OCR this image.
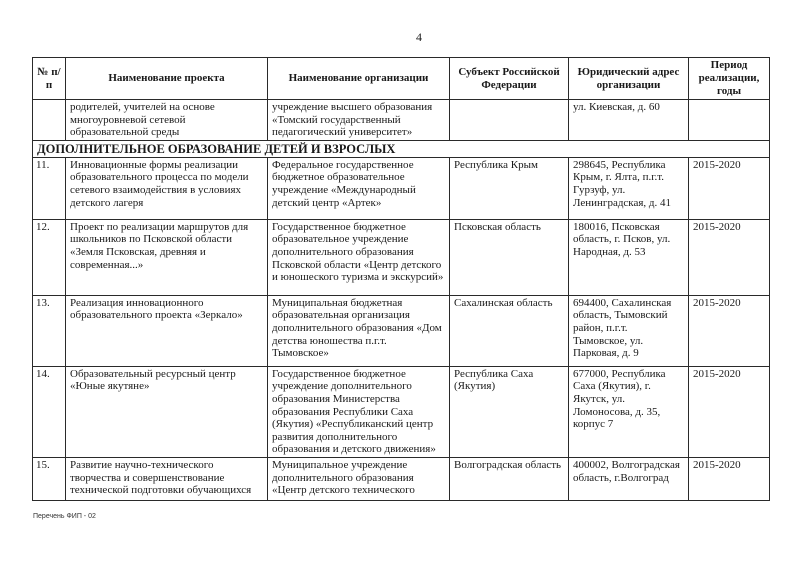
4
№ п/п	Наименование проекта	Наименование организации	Субъект Российской Федерации	Юридический адрес организации	Период реализации, годы
	родителей, учителей на основе многоуровневой сетевой образовательной среды	учреждение высшего образования «Томский государственный педагогический университет»		ул. Киевская, д. 60	
ДОПОЛНИТЕЛЬНОЕ ОБРАЗОВАНИЕ ДЕТЕЙ И ВЗРОСЛЫХ					
11.	Инновационные формы реализации образовательного процесса по модели сетевого взаимодействия в условиях детского лагеря	Федеральное государственное бюджетное образовательное учреждение «Международный детский центр «Артек»	Республика Крым	298645, Республика Крым, г. Ялта, п.г.т. Гурзуф, ул. Ленинградская, д. 41	2015-2020
12.	Проект по реализации маршрутов для школьников по Псковской области «Земля Псковская, древняя и современная...»	Государственное бюджетное образовательное учреждение дополнительного образования Псковской области «Центр детского и юношеского туризма и экскурсий»	Псковская область	180016, Псковская область, г. Псков, ул. Народная, д. 53	2015-2020
13.	Реализация инновационного образовательного проекта «Зеркало»	Муниципальная бюджетная образовательная организация дополнительного образования «Дом детства юношества п.г.т. Тымовское»	Сахалинская область	694400, Сахалинская область, Тымовский район, п.г.т. Тымовское, ул. Парковая, д. 9	2015-2020
14.	Образовательный ресурсный центр «Юные якутяне»	Государственное бюджетное учреждение дополнительного образования Министерства образования Республики Саха (Якутия) «Республиканский центр развития дополнительного образования и детского движения»	Республика Саха (Якутия)	677000, Республика Саха (Якутия), г. Якутск, ул. Ломоносова, д. 35, корпус 7	2015-2020
15.	Развитие научно-технического творчества и совершенствование технической подготовки обучающихся	Муниципальное учреждение дополнительного образования «Центр детского технического	Волгоградская область	400002, Волгоградская область, г.Волгоград	2015-2020
Перечень ФИП - 02
